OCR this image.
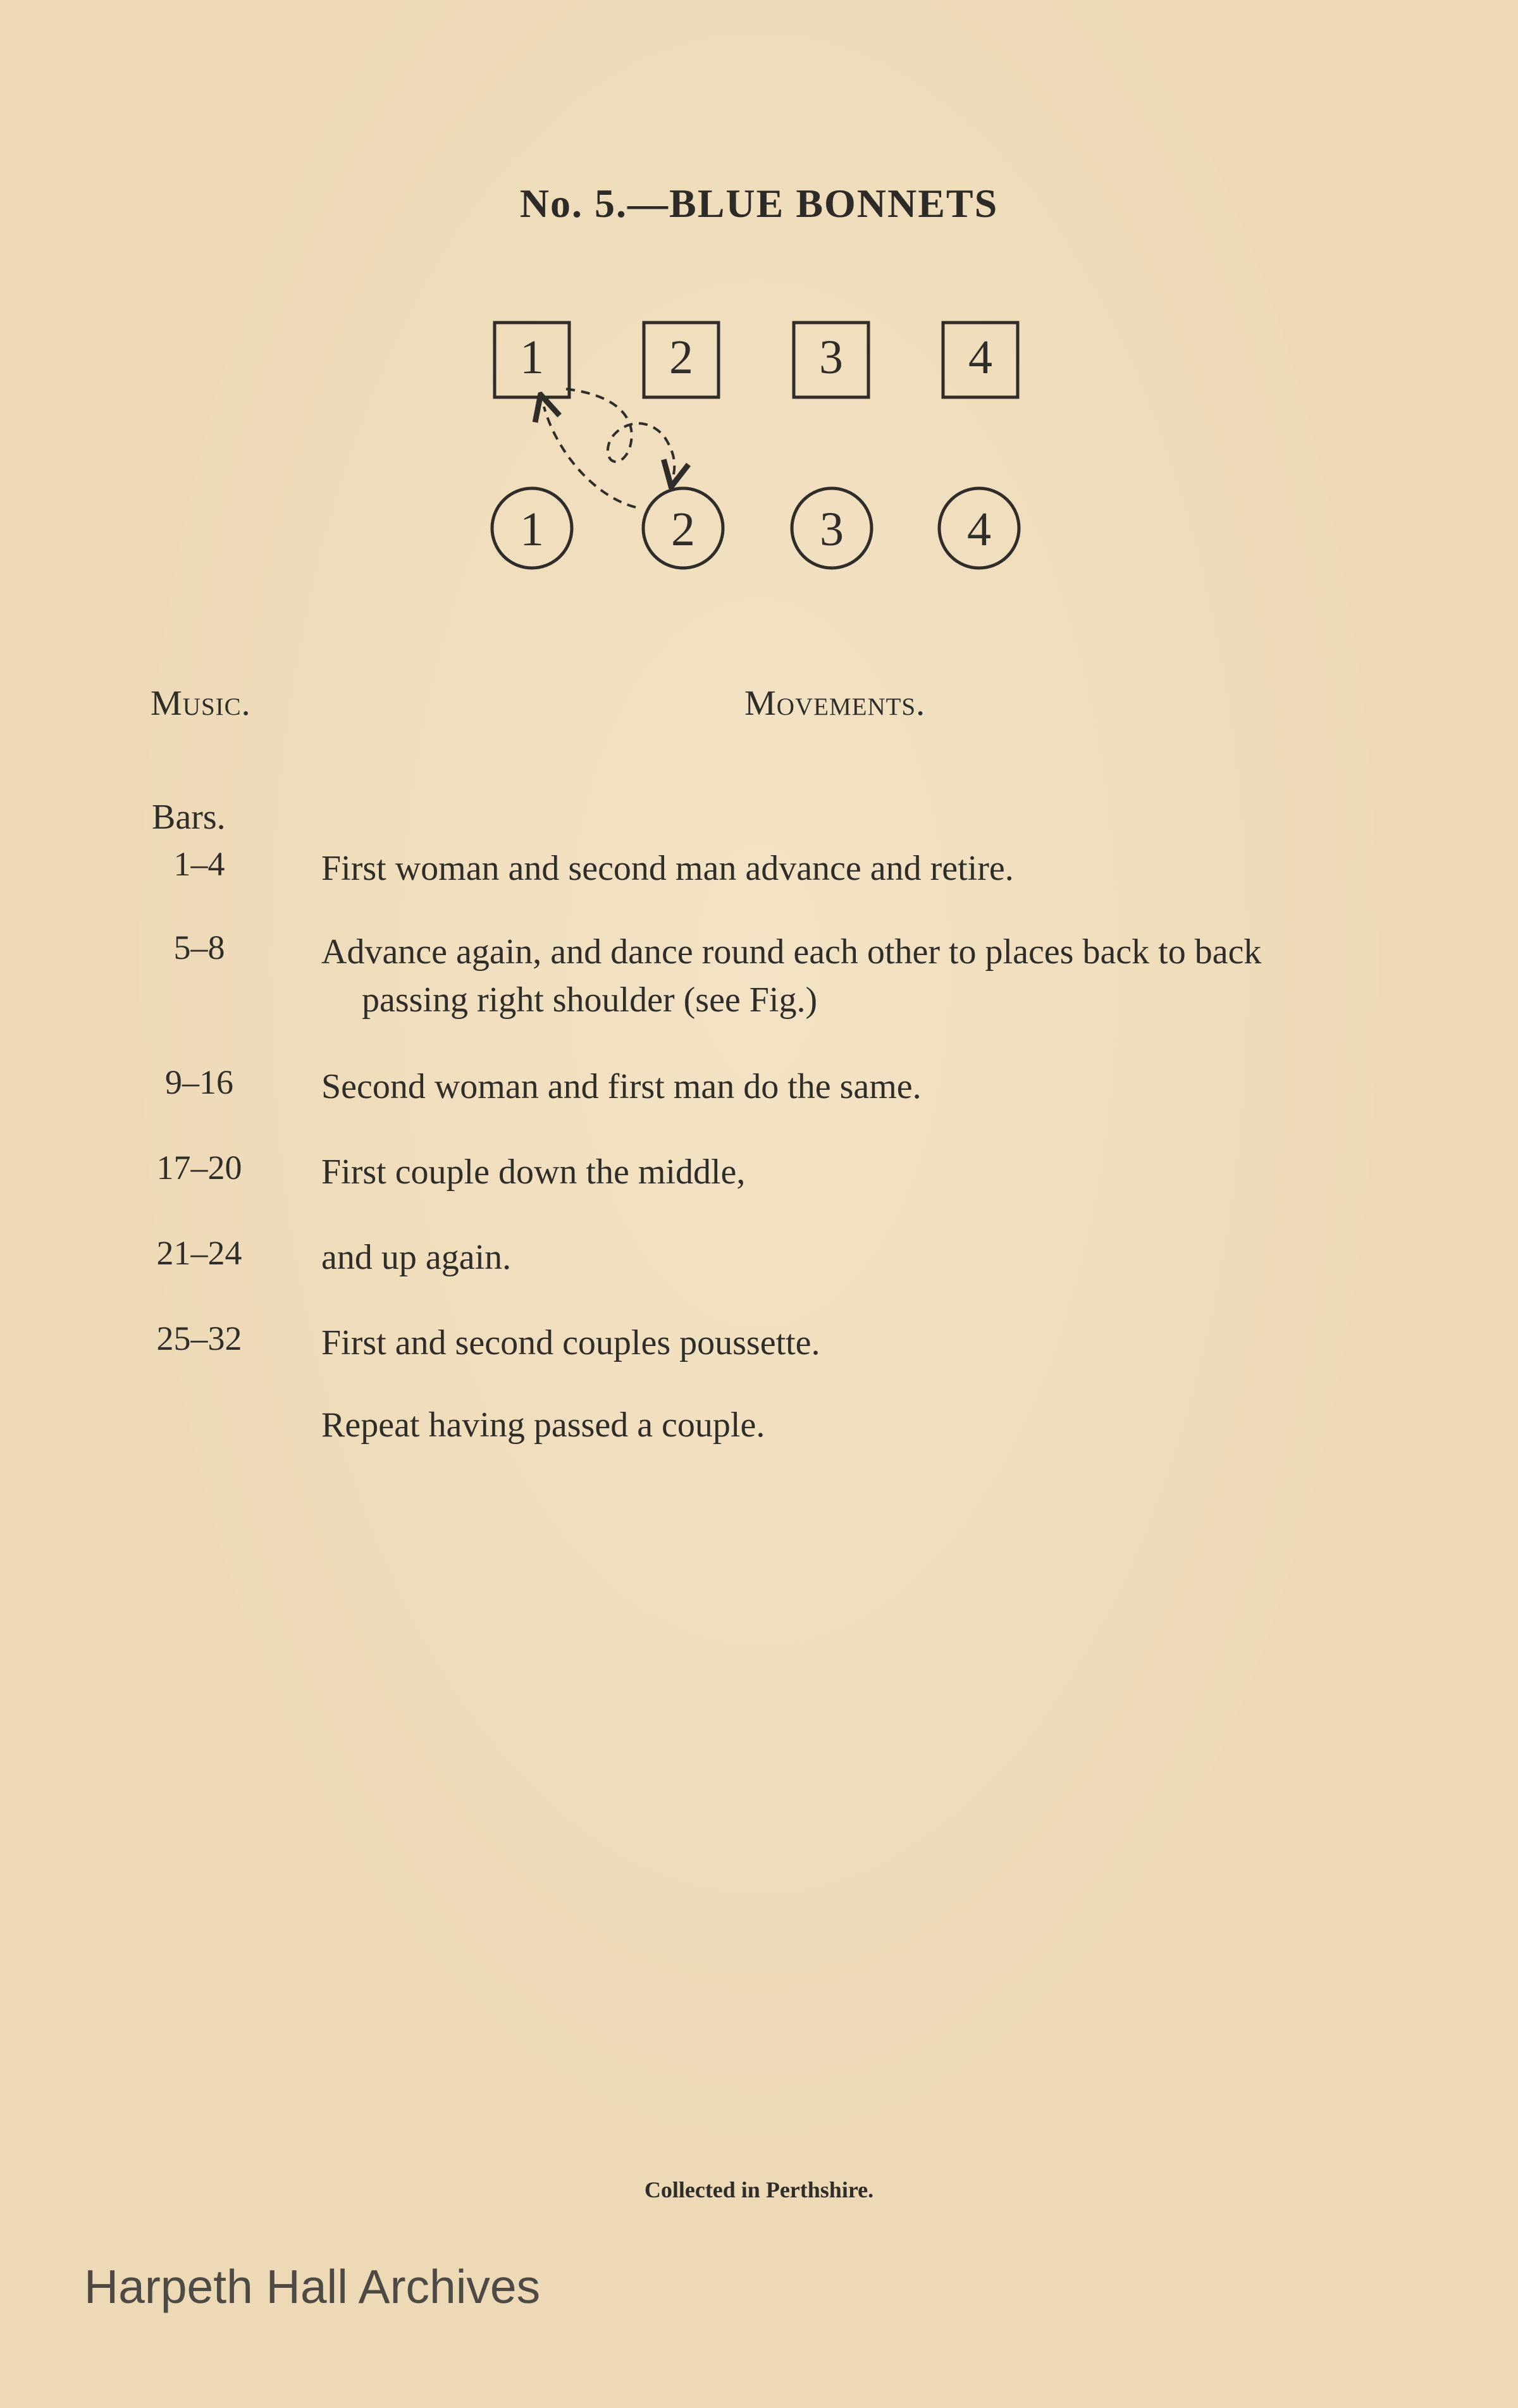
No. 5.—BLUE BONNETS
1	2	3	4
1	2	3	4
Music.	Movements.
Bars.
1–4	First woman and second man advance and retire.
5–8	Advance again, and dance round each other to places back to back
passing right shoulder (see Fig.)
9–16	Second woman and first man do the same.
17–20 First couple down the middle,
21–24 and up again.
25–32 First and second couples poussette.
Repeat having passed a couple.
Collected in Perthshire.
Harpeth Hall Archives
